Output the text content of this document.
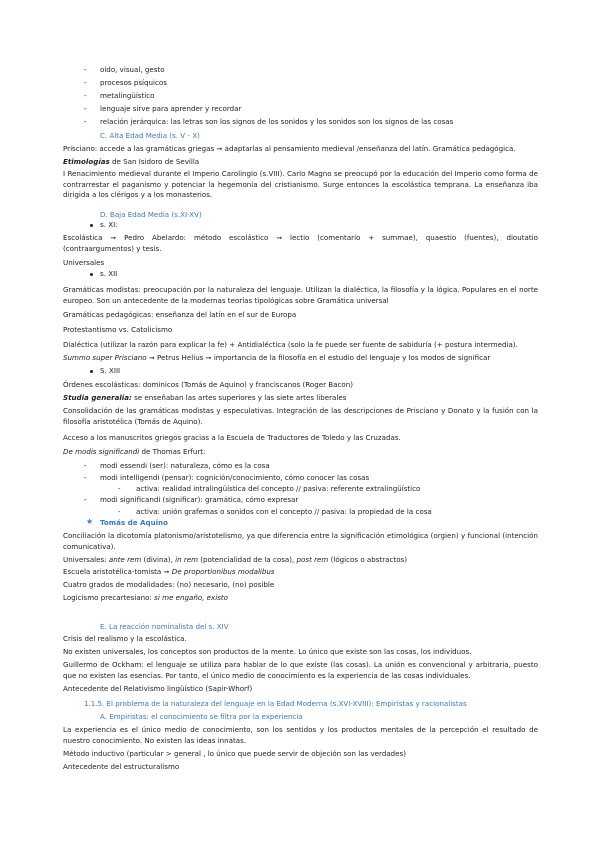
-	oído, visual, gesto
-	procesos psíquicos
-	metalingüístico
-	lenguaje sirve para aprender y recordar
-	relación jerárquica: las letras son los signos de los sonidos y los sonidos son los signos de las cosas
C. Alta Edad Media (s. V - X)
Prisciano: accede a las gramáticas griegas ➞ adaptarlas al pensamiento medieval /enseñanza del latín. Gramática pedagógica.
Etimologías de San Isidoro de Sevilla
I Renacimiento medieval durante el Imperio Carolingio (s.VIII). Carlo Magno se preocupó por la educación del Imperio como forma de contrarrestar el paganismo y potenciar la hegemonía del cristianismo. Surge entonces la escolástica temprana. La enseñanza iba dirigida a los clérigos y a los monasterios.
D. Baja Edad Media (s.XI-XV)
s. XI:
Escolástica ➞ Pedro Abelardo: método escolástico ➞ lectio (comentario + summae), quaestio (fuentes), dioutatio (contraargumentos) y tesis.
Universales
s. XII
Gramáticas modistas: preocupación por la naturaleza del lenguaje. Utilizan la dialéctica, la filosofía y la lógica. Populares en el norte europeo. Son un antecedente de la modernas teorías tipológicas sobre Gramática universal
Gramáticas pedagógicas: enseñanza del latín en el sur de Europa
Protestantismo vs. Catolicismo
Dialéctica (utilizar la razón para explicar la fe) + Antidialéctica (solo la fe puede ser fuente de sabiduría (+ postura intermedia).
Summo super Prisciano ➞ Petrus Helius ➞ importancia de la filosofía en el estudio del lenguaje y los modos de significar
S. XIII
Órdenes escolásticas: dominicos (Tomás de Aquino) y franciscanos (Roger Bacon)
Studia generalia: se enseñaban las artes superiores y las siete artes liberales
Consolidación de las gramáticas modistas y especulativas. Integración de las descripciones de Prisciano y Donato y la fusión con la filosofía aristotélica (Tomás de Aquino).
Acceso a los manuscritos griegos gracias a la Escuela de Traductores de Toledo y las Cruzadas.
De modis significandi de Thomas Erfurt:
-	modi essendi (ser): naturaleza, cómo es la cosa
-	modi intelligendi (pensar): cognición/conocimiento, cómo conocer las cosas
-	activa: realidad intralingüística del concepto // pasiva: referente extralingüístico
-	modi significandi (significar): gramática, cómo expresar
-	activa: unión grafemas o sonidos con el concepto // pasiva: la propiedad de la cosa
★ Tomás de Aquino
Conciliación la dicotomía platonismo/aristotelismo, ya que diferencia entre la significación etimológica (orgien) y funcional (intención comunicativa).
Universales: ante rem (divina), in rem (potencialidad de la cosa), post rem (lógicos o abstractos)
Escuela aristotélica-tomista ➞ De proportionibus modalibus
Cuatro grados de modalidades: (no) necesario, (no) posible
Logicismo precartesiano: si me engaño, existo
E. La reacción nominalista del s. XIV
Crisis del realismo y la escolástica.
No existen universales, los conceptos son productos de la mente. Lo único que existe son las cosas, los individuos.
Guillermo de Ockham: el lenguaje se utiliza para hablar de lo que existe (las cosas). La unión es convencional y arbitraria, puesto que no existen las esencias. Por tanto, el único medio de conocimiento es la experiencia de las cosas individuales.
Antecedente del Relativismo lingüístico (Sapir-Whorf)
1.1.5. El problema de la naturaleza del lenguaje en la Edad Moderna (s.XVI-XVIII): Empiristas y racionalistas
A. Empiristas: el conocimiento se filtra por la experiencia
La experiencia es el único medio de conocimiento, son los sentidos y los productos mentales de la percepción el resultado de nuestro conocimiento. No existen las ideas innatas.
Método inductivo (particular > general , lo único que puede servir de objeción son las verdades)
Antecedente del estructuralismo
